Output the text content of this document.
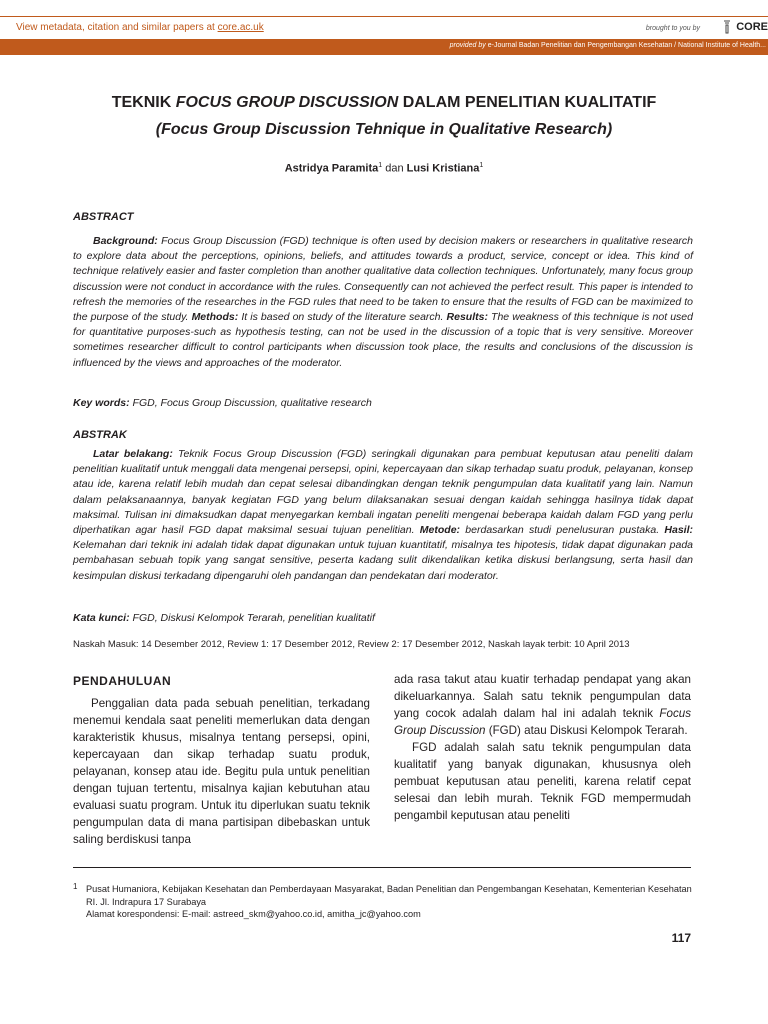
View metadata, citation and similar papers at core.ac.uk	brought to you by	CORE
provided by e-Journal Badan Penelitian dan Pengembangan Kesehatan / National Institute of Health...
TEKNIK FOCUS GROUP DISCUSSION DALAM PENELITIAN KUALITATIF
(Focus Group Discussion Tehnique in Qualitative Research)
Astridya Paramita$^1$ dan Lusi Kristiana$^1$
ABSTRACT

Background: Focus Group Discussion (FGD) technique is often used by decision makers or researchers in qualitative research to explore data about the perceptions, opinions, beliefs, and attitudes towards a product, service, concept or idea. This kind of technique relatively easier and faster completion than another qualitative data collection techniques. Unfortunately, many focus group discussion were not conduct in accordance with the rules. Consequently can not achieved the perfect result. This paper is intended to refresh the memories of the researches in the FGD rules that need to be taken to ensure that the results of FGD can be maximized to the purpose of the study. Methods: It is based on study of the literature search. Results: The weakness of this technique is not used for quantitative purposes-such as hypothesis testing, can not be used in the discussion of a topic that is very sensitive. Moreover sometimes researcher difficult to control participants when discussion took place, the results and conclusions of the discussion is influenced by the views and approaches of the moderator.

Key words: FGD, Focus Group Discussion, qualitative research
ABSTRAK

Latar belakang: Teknik Focus Group Discussion (FGD) seringkali digunakan para pembuat keputusan atau peneliti dalam penelitian kualitatif untuk menggali data mengenai persepsi, opini, kepercayaan dan sikap terhadap suatu produk, pelayanan, konsep atau ide, karena relatif lebih mudah dan cepat selesai dibandingkan dengan teknik pengumpulan data kualitatif yang lain. Namun dalam pelaksanaannya, banyak kegiatan FGD yang belum dilaksanakan sesuai dengan kaidah sehingga hasilnya tidak dapat maksimal. Tulisan ini dimaksudkan dapat menyegarkan kembali ingatan peneliti mengenai beberapa kaidah dalam FGD yang perlu diperhatikan agar hasil FGD dapat maksimal sesuai tujuan penelitian. Metode: berdasarkan studi penelusuran pustaka. Hasil: Kelemahan dari teknik ini adalah tidak dapat digunakan untuk tujuan kuantitatif, misalnya tes hipotesis, tidak dapat digunakan pada pembahasan sebuah topik yang sangat sensitive, peserta kadang sulit dikendalikan ketika diskusi berlangsung, serta hasil dan kesimpulan diskusi terkadang dipengaruhi oleh pandangan dan pendekatan dari moderator.

Kata kunci: FGD, Diskusi Kelompok Terarah, penelitian kualitatif
Naskah Masuk: 14 Desember 2012, Review 1: 17 Desember 2012, Review 2: 17 Desember 2012, Naskah layak terbit: 10 April 2013
PENDAHULUAN

Penggalian data pada sebuah penelitian, terkadang menemui kendala saat peneliti memerlukan data dengan karakteristik khusus, misalnya tentang persepsi, opini, kepercayaan dan sikap terhadap suatu produk, pelayanan, konsep atau ide. Begitu pula untuk penelitian dengan tujuan tertentu, misalnya kajian kebutuhan atau evaluasi suatu program. Untuk itu diperlukan suatu teknik pengumpulan data di mana partisipan dibebaskan untuk saling berdiskusi tanpa

ada rasa takut atau kuatir terhadap pendapat yang akan dikeluarkannya. Salah satu teknik pengumpulan data yang cocok adalah dalam hal ini adalah teknik Focus Group Discussion (FGD) atau Diskusi Kelompok Terarah.

FGD adalah salah satu teknik pengumpulan data kualitatif yang banyak digunakan, khususnya oleh pembuat keputusan atau peneliti, karena relatif cepat selesai dan lebih murah. Teknik FGD mempermudah pengambil keputusan atau peneliti

1 Pusat Humaniora, Kebijakan Kesehatan dan Pemberdayaan Masyarakat, Badan Penelitian dan Pengembangan Kesehatan, Kementerian Kesehatan RI. Jl. Indrapura 17 Surabaya
Alamat korespondensi: E-mail: astreed_skm@yahoo.co.id, amitha_jc@yahoo.com
117
